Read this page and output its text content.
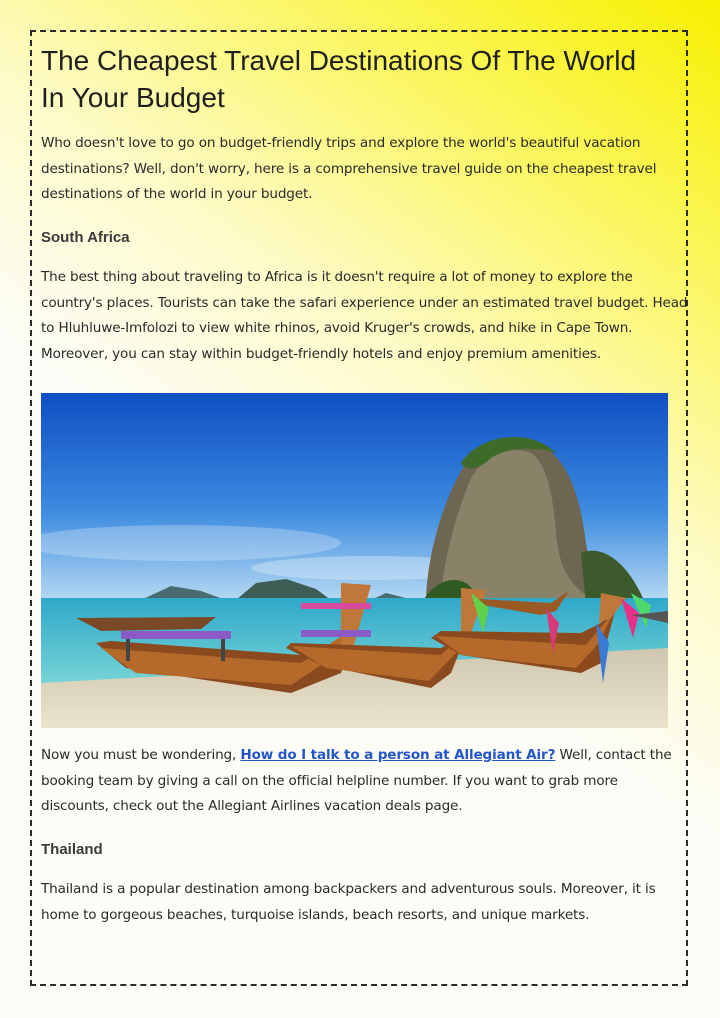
The Cheapest Travel Destinations Of The World In Your Budget

Who doesn't love to go on budget-friendly trips and explore the world's beautiful vacation destinations? Well, don't worry, here is a comprehensive travel guide on the cheapest travel destinations of the world in your budget.

South Africa

The best thing about traveling to Africa is it doesn't require a lot of money to explore the country's places. Tourists can take the safari experience under an estimated travel budget. Head to Hluhluwe-Imfolozi to view white rhinos, avoid Kruger's crowds, and hike in Cape Town. Moreover, you can stay within budget-friendly hotels and enjoy premium amenities.

Now you must be wondering, How do I talk to a person at Allegiant Air? Well, contact the booking team by giving a call on the official helpline number. If you want to grab more discounts, check out the Allegiant Airlines vacation deals page.

Thailand

Thailand is a popular destination among backpackers and adventurous souls. Moreover, it is home to gorgeous beaches, turquoise islands, beach resorts, and unique markets.
